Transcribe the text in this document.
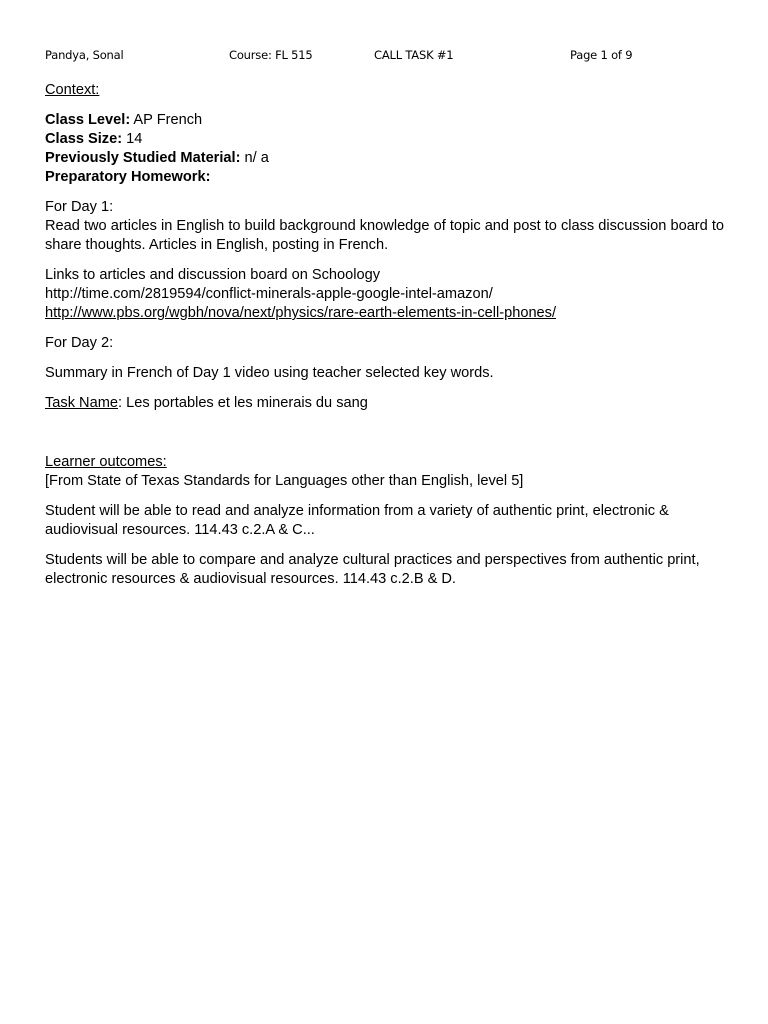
Pandya, Sonal	Course: FL 515	CALL TASK #1	Page 1 of 9

Context:

Class Level: AP French

Class Size: 14

Previously Studied Material: n/ a

Preparatory Homework:

For Day 1:

Read two articles in English to build background knowledge of topic and post to class discussion board to share thoughts. Articles in English, posting in French.

Links to articles and discussion board on Schoology

http://time.com/2819594/conflict-minerals-apple-google-intel-amazon/

http://www.pbs.org/wgbh/nova/next/physics/rare-earth-elements-in-cell-phones/

For Day 2:

Summary in French of Day 1 video using teacher selected key words.

Task Name: Les portables et les minerais du sang

Learner outcomes:

[From State of Texas Standards for Languages other than English, level 5]

Student will be able to read and analyze information from a variety of authentic print, electronic & audiovisual resources. 114.43 c.2.A & C...

Students will be able to compare and analyze cultural practices and perspectives from authentic print, electronic resources & audiovisual resources. 114.43 c.2.B & D.
